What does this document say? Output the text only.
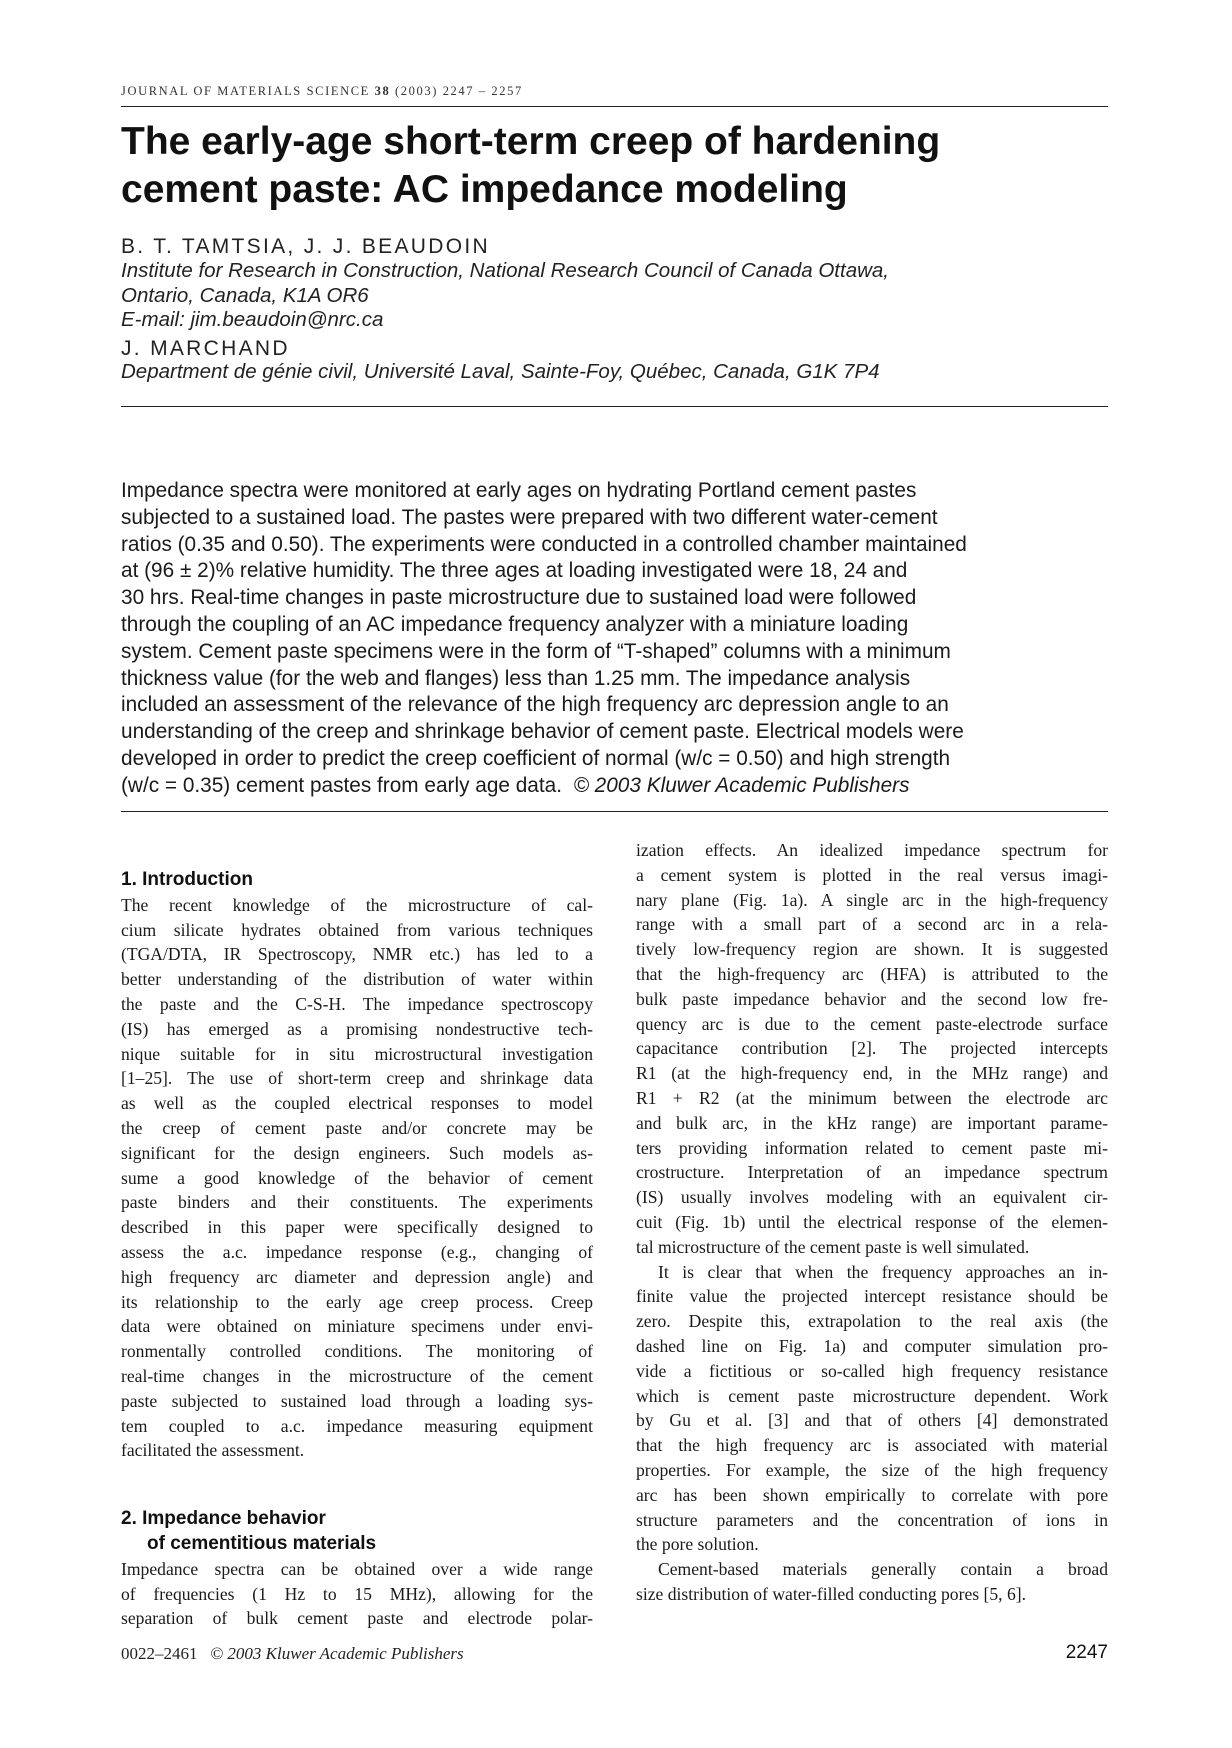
JOURNAL OF MATERIALS SCIENCE 38 (2003) 2247 – 2257
The early-age short-term creep of hardening
cement paste: AC impedance modeling
B. T. TAMTSIA, J. J. BEAUDOIN
Institute for Research in Construction, National Research Council of Canada Ottawa,
Ontario, Canada, K1A OR6
E-mail: jim.beaudoin@nrc.ca
J. MARCHAND
Department de génie civil, Université Laval, Sainte-Foy, Québec, Canada, G1K 7P4
Impedance spectra were monitored at early ages on hydrating Portland cement pastes
subjected to a sustained load. The pastes were prepared with two different water-cement
ratios (0.35 and 0.50). The experiments were conducted in a controlled chamber maintained
at (96 ± 2)% relative humidity. The three ages at loading investigated were 18, 24 and
30 hrs. Real-time changes in paste microstructure due to sustained load were followed
through the coupling of an AC impedance frequency analyzer with a miniature loading
system. Cement paste specimens were in the form of “T-shaped” columns with a minimum
thickness value (for the web and flanges) less than 1.25 mm. The impedance analysis
included an assessment of the relevance of the high frequency arc depression angle to an
understanding of the creep and shrinkage behavior of cement paste. Electrical models were
developed in order to predict the creep coefficient of normal (w/c = 0.50) and high strength
(w/c = 0.35) cement pastes from early age data. © 2003 Kluwer Academic Publishers
1. Introduction
The recent knowledge of the microstructure of cal-
cium silicate hydrates obtained from various techniques
(TGA/DTA, IR Spectroscopy, NMR etc.) has led to a
better understanding of the distribution of water within
the paste and the C-S-H. The impedance spectroscopy
(IS) has emerged as a promising nondestructive tech-
nique suitable for in situ microstructural investigation
[1–25]. The use of short-term creep and shrinkage data
as well as the coupled electrical responses to model
the creep of cement paste and/or concrete may be
significant for the design engineers. Such models as-
sume a good knowledge of the behavior of cement
paste binders and their constituents. The experiments
described in this paper were specifically designed to
assess the a.c. impedance response (e.g., changing of
high frequency arc diameter and depression angle) and
its relationship to the early age creep process. Creep
data were obtained on miniature specimens under envi-
ronmentally controlled conditions. The monitoring of
real-time changes in the microstructure of the cement
paste subjected to sustained load through a loading sys-
tem coupled to a.c. impedance measuring equipment
facilitated the assessment.
2. Impedance behavior
of cementitious materials
Impedance spectra can be obtained over a wide range
of frequencies (1 Hz to 15 MHz), allowing for the
separation of bulk cement paste and electrode polar-
ization effects. An idealized impedance spectrum for
a cement system is plotted in the real versus imagi-
nary plane (Fig. 1a). A single arc in the high-frequency
range with a small part of a second arc in a rela-
tively low-frequency region are shown. It is suggested
that the high-frequency arc (HFA) is attributed to the
bulk paste impedance behavior and the second low fre-
quency arc is due to the cement paste-electrode surface
capacitance contribution [2]. The projected intercepts
R1 (at the high-frequency end, in the MHz range) and
R1 + R2 (at the minimum between the electrode arc
and bulk arc, in the kHz range) are important parame-
ters providing information related to cement paste mi-
crostructure. Interpretation of an impedance spectrum
(IS) usually involves modeling with an equivalent cir-
cuit (Fig. 1b) until the electrical response of the elemen-
tal microstructure of the cement paste is well simulated.
It is clear that when the frequency approaches an in-
finite value the projected intercept resistance should be
zero. Despite this, extrapolation to the real axis (the
dashed line on Fig. 1a) and computer simulation pro-
vide a fictitious or so-called high frequency resistance
which is cement paste microstructure dependent. Work
by Gu et al. [3] and that of others [4] demonstrated
that the high frequency arc is associated with material
properties. For example, the size of the high frequency
arc has been shown empirically to correlate with pore
structure parameters and the concentration of ions in
the pore solution.
Cement-based materials generally contain a broad
size distribution of water-filled conducting pores [5, 6].
0022–2461 © 2003 Kluwer Academic Publishers	2247
